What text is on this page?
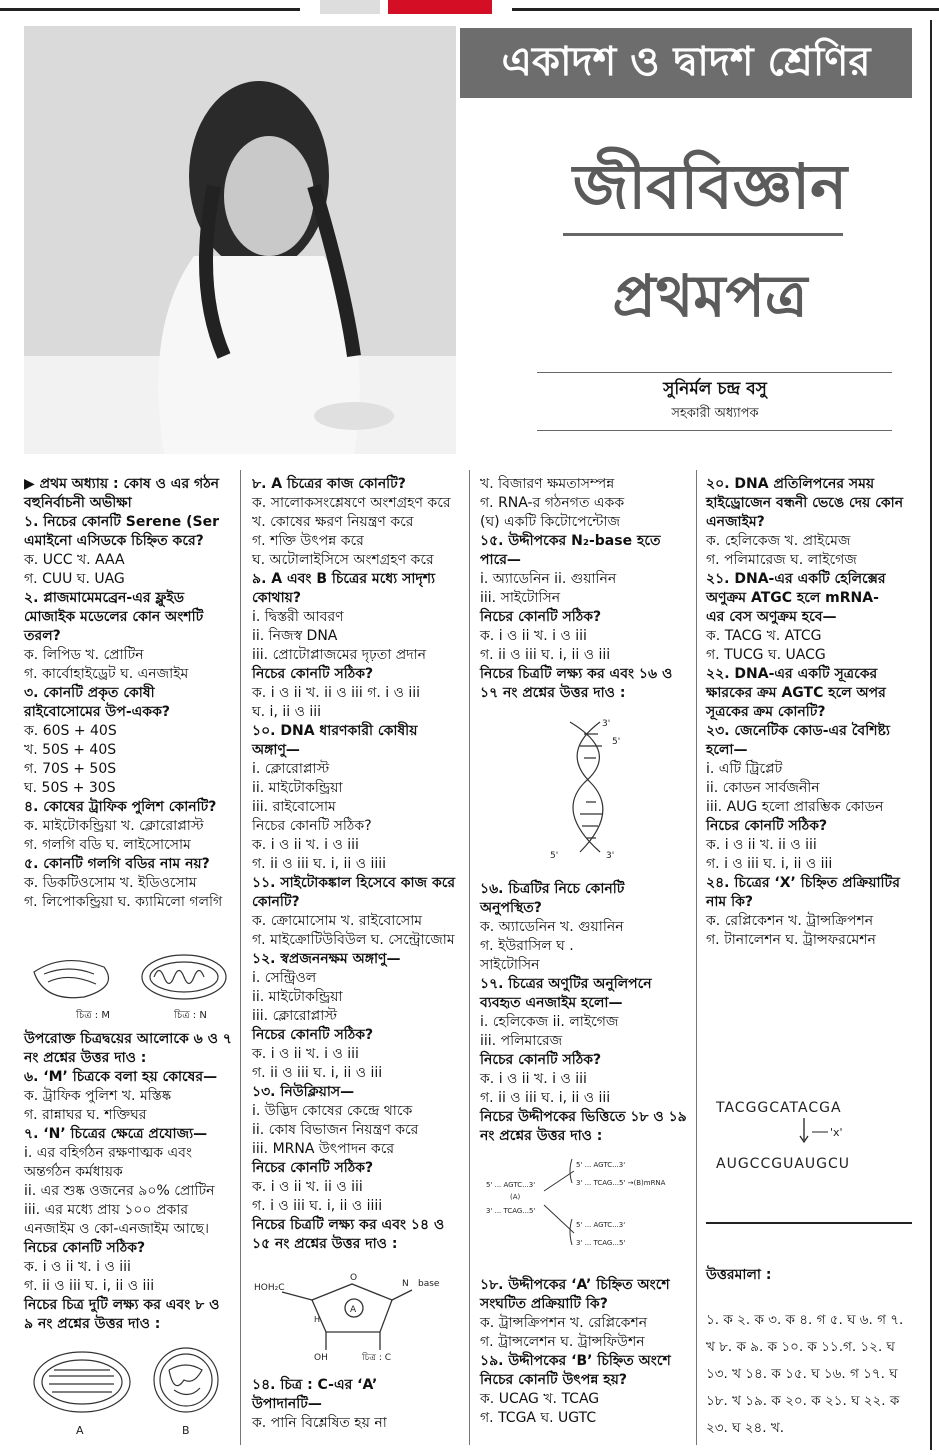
একাদশ ও দ্বাদশ শ্রেণির
জীববিজ্ঞান
প্রথমপত্র
সুনির্মল চন্দ্র বসু
সহকারী অধ্যাপক
▶ প্রথম অধ্যায় : কোষ ও এর গঠন
বহুনির্বাচনী অভীক্ষা
১. নিচের কোনটি Serene (Ser
এমাইনো এসিডকে চিহ্নিত করে?
ক. UCC খ. AAA
গ. CUU ঘ. UAG
২. প্লাজমামেমব্রেন-এর ফ্লুইড
মোজাইক মডেলের কোন অংশটি
তরল?
ক. লিপিড খ. প্রোটিন
গ. কার্বোহাইড্রেট ঘ. এনজাইম
৩. কোনটি প্রকৃত কোষী
রাইবোসোমের উপ-একক?
ক. 60S + 40S
খ. 50S + 40S
গ. 70S + 50S
ঘ. 50S + 30S
৪. কোষের ট্রাফিক পুলিশ কোনটি?
ক. মাইটোকন্ড্রিয়া খ. ক্লোরোপ্লাস্ট
গ. গলগি বডি ঘ. লাইসোসোম
৫. কোনটি গলগি বডির নাম নয়?
ক. ডিকটিওসোম খ. ইডিওসোম
গ. লিপোকন্ড্রিয়া ঘ. ক্যামিলো গলগি
চিত্র : M	চিত্র : N
উপরোক্ত চিত্রদ্বয়ের আলোকে ৬ ও ৭
নং প্রশ্নের উত্তর দাও :
৬. ‘M’ চিত্রকে বলা হয় কোষের—
ক. ট্রাফিক পুলিশ খ. মস্তিষ্ক
গ. রান্নাঘর ঘ. শক্তিঘর
৭. ‘N’ চিত্রের ক্ষেত্রে প্রযোজ্য—
i. এর বহির্গঠন রক্ষণাত্মক এবং
অন্তর্গঠন কর্মধায়ক
ii. এর শুষ্ক ওজনের ৯০% প্রোটিন
iii. এর মধ্যে প্রায় ১০০ প্রকার
এনজাইম ও কো-এনজাইম আছে।
নিচের কোনটি সঠিক?
ক. i ও ii খ. i ও iii
গ. ii ও iii ঘ. i, ii ও iii
নিচের চিত্র দুটি লক্ষ্য কর এবং ৮ ও
৯ নং প্রশ্নের উত্তর দাও :
A	B
৮. A চিত্রের কাজ কোনটি?
ক. সালোকসংশ্লেষণে অংশগ্রহণ করে
খ. কোষের ক্ষরণ নিয়ন্ত্রণ করে
গ. শক্তি উৎপন্ন করে
ঘ. অটোলাইসিসে অংশগ্রহণ করে
৯. A এবং B চিত্রের মধ্যে সাদৃশ্য
কোথায়?
i. দ্বিস্তরী আবরণ
ii. নিজস্ব DNA
iii. প্রোটোপ্লাজমের দৃঢ়তা প্রদান
নিচের কোনটি সঠিক?
ক. i ও ii খ. ii ও iii গ. i ও iii
ঘ. i, ii ও iii
১০. DNA ধারণকারী কোষীয়
অঙ্গাণু—
i. ক্লোরোপ্লাস্ট
ii. মাইটোকন্ড্রিয়া
iii. রাইবোসোম
নিচের কোনটি সঠিক?
ক. i ও ii খ. i ও iii
গ. ii ও iii ঘ. i, ii ও iiii
১১. সাইটোকঙ্কাল হিসেবে কাজ করে
কোনটি?
ক. ক্রোমোসোম খ. রাইবোসোম
গ. মাইক্রোটিউবিউল ঘ. সেন্ট্রোজোম
১২. স্বপ্রজননক্ষম অঙ্গাণু—
i. সেন্ট্রিওল
ii. মাইটোকন্ড্রিয়া
iii. ক্লোরোপ্লাস্ট
নিচের কোনটি সঠিক?
ক. i ও ii খ. i ও iii
গ. ii ও iii ঘ. i, ii ও iii
১৩. নিউক্লিয়াস—
i. উদ্ভিদ কোষের কেন্দ্রে থাকে
ii. কোষ বিভাজন নিয়ন্ত্রণ করে
iii. MRNA উৎপাদন করে
নিচের কোনটি সঠিক?
ক. i ও ii খ. ii ও iii
গ. i ও iii ঘ. i, ii ও iiii
নিচের চিত্রটি লক্ষ্য কর এবং ১৪ ও
১৫ নং প্রশ্নের উত্তর দাও :
HOH₂C
O
N base
A
H
OH	চিত্র : C
১৪. চিত্র : C-এর ‘A’
উপাদানটি—
ক. পানি বিশ্লেষিত হয় না
খ. বিজারণ ক্ষমতাসম্পন্ন
গ. RNA-র গঠনগত একক
(ঘ) একটি কিটোপেন্টোজ
১৫. উদ্দীপকের N₂-base হতে
পারে—
i. অ্যাডেনিন ii. গুয়ানিন
iii. সাইটোসিন
নিচের কোনটি সঠিক?
ক. i ও ii খ. i ও iii
গ. ii ও iii ঘ. i, ii ও iii
নিচের চিত্রটি লক্ষ্য কর এবং ১৬ ও
১৭ নং প্রশ্নের উত্তর দাও :
3'
5'
5'	3'
১৬. চিত্রটির নিচে কোনটি
অনুপস্থিত?
ক. অ্যাডেনিন খ. গুয়ানিন
গ. ইউরাসিল ঘ .
সাইটোসিন
১৭. চিত্রের অণুটির অনুলিপনে
ব্যবহৃত এনজাইম হলো—
i. হেলিকেজ ii. লাইগেজ
iii. পলিমারেজ
নিচের কোনটি সঠিক?
ক. i ও ii খ. i ও iii
গ. ii ও iii ঘ. i, ii ও iii
নিচের উদ্দীপকের ভিত্তিতে ১৮ ও ১৯
নং প্রশ্নের উত্তর দাও :
5' ... AGTC...3'
(A)
3' ... TCAG...5'
5' ... AGTC...3'
3' ... TCAG...5' →(B)mRNA
5' ... AGTC...3'
3' ... TCAG...5'
১৮. উদ্দীপকের ‘A’ চিহ্নিত অংশে
সংঘটিত প্রক্রিয়াটি কি?
ক. ট্রান্সক্রিপশন খ. রেপ্লিকেশন
গ. ট্রান্সলেশন ঘ. ট্রান্সফিউশন
১৯. উদ্দীপকের ‘B’ চিহ্নিত অংশে
নিচের কোনটি উৎপন্ন হয়?
ক. UCAG খ. TCAG
গ. TCGA ঘ. UGTC
২০. DNA প্রতিলিপনের সময়
হাইড্রোজেন বন্ধনী ভেঙে দেয় কোন
এনজাইম?
ক. হেলিকেজ খ. প্রাইমেজ
গ. পলিমারেজ ঘ. লাইগেজ
২১. DNA-এর একটি হেলিক্সের
অণুক্রম ATGC হলে mRNA-
এর বেস অণুক্রম হবে—
ক. TACG খ. ATCG
গ. TUCG ঘ. UACG
২২. DNA-এর একটি সূত্রকের
ক্ষারকের ক্রম AGTC হলে অপর
সূত্রকের ক্রম কোনটি?
২৩. জেনেটিক কোড-এর বৈশিষ্ট্য
হলো—
i. এটি ট্রিপ্লেট
ii. কোডন সার্বজনীন
iii. AUG হলো প্রারম্ভিক কোডন
নিচের কোনটি সঠিক?
ক. i ও ii খ. ii ও iii
গ. i ও iii ঘ. i, ii ও iii
২৪. চিত্রের ‘X’ চিহ্নিত প্রক্রিয়াটির
নাম কি?
ক. রেপ্লিকেশন খ. ট্রান্সক্রিপশন
গ. টানালেশন ঘ. ট্রান্সফরমেশন
TACGGCATACGA
'x'
AUGCCGUAUGCU
উত্তরমালা :
১. ক ২. ক ৩. ক ৪. গ ৫. ঘ ৬. গ ৭. খ ৮. ক ৯. ক ১০. ক ১১.গ. ১২. ঘ ১৩. খ ১৪. ক ১৫. ঘ ১৬. গ ১৭. ঘ ১৮. খ ১৯. ক ২০. ক ২১. ঘ ২২. ক ২৩. ঘ ২৪. খ.
